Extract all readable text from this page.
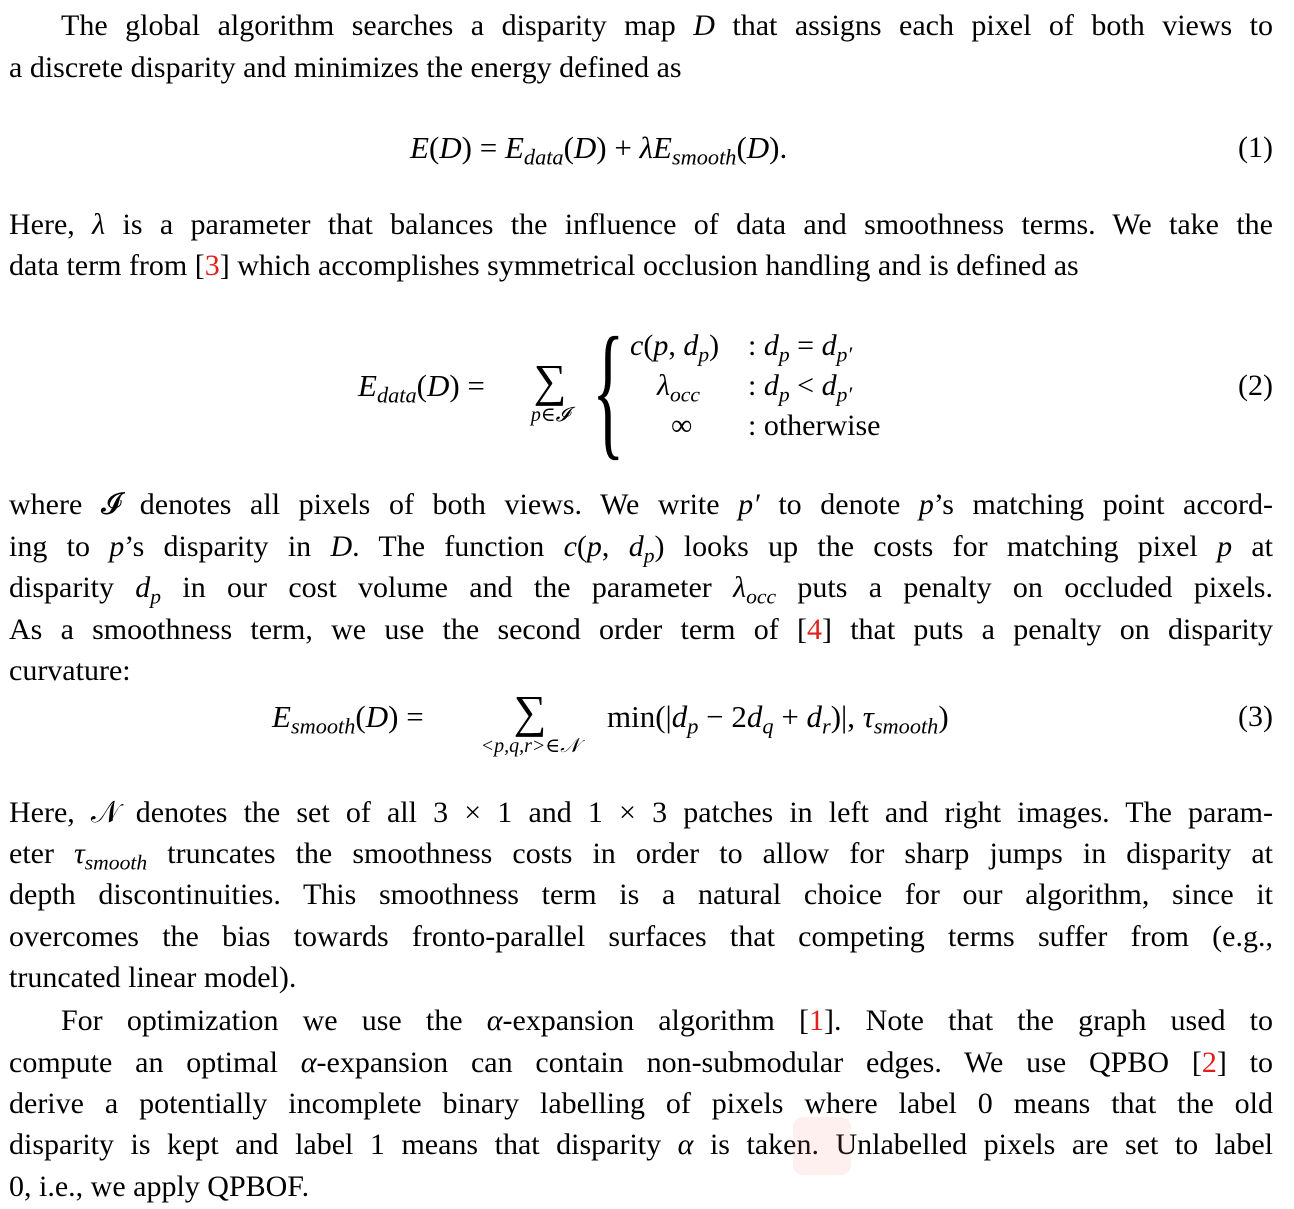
The global algorithm searches a disparity map D that assigns each pixel of both views to
a discrete disparity and minimizes the energy defined as
$E(D) = E_{data}(D) + \lambda E_{smooth}(D)$.	(1)
Here, λ is a parameter that balances the influence of data and smoothness terms. We take the
data term from [3] which accomplishes symmetrical occlusion handling and is defined as
$E_{data}(D)$ =	∑
p∈𝓘 { c(p, $d_p$) : $d_p = d_{p'}$
$\lambda_{occ}$ : $d_p < d_{p'}$
∞ : otherwise
(2)
where 𝓘 denotes all pixels of both views. We write p′ to denote p’s matching point accord-
ing to p’s disparity in D. The function c(p, $d_p$) looks up the costs for matching pixel p at
disparity $d_p$ in our cost volume and the parameter $\lambda_{occ}$ puts a penalty on occluded pixels.
As a smoothness term, we use the second order term of [4] that puts a penalty on disparity
curvature:
$E_{smooth}(D)$ =	∑
<p,q,r>∈𝒩
$\min(|d_p - 2d_q + d_r)|$, $\tau_{smooth}$)	(3)
Here, 𝒩 denotes the set of all 3 × 1 and 1 × 3 patches in left and right images. The param-
eter $\tau_{smooth}$ truncates the smoothness costs in order to allow for sharp jumps in disparity at
depth discontinuities. This smoothness term is a natural choice for our algorithm, since it
overcomes the bias towards fronto-parallel surfaces that competing terms suffer from (e.g.,
truncated linear model).
For optimization we use the α-expansion algorithm [1]. Note that the graph used to
compute an optimal α-expansion can contain non-submodular edges. We use QPBO [2] to
derive a potentially incomplete binary labelling of pixels where label 0 means that the old
disparity is kept and label 1 means that disparity α is taken. Unlabelled pixels are set to label
0, i.e., we apply QPBOF.
